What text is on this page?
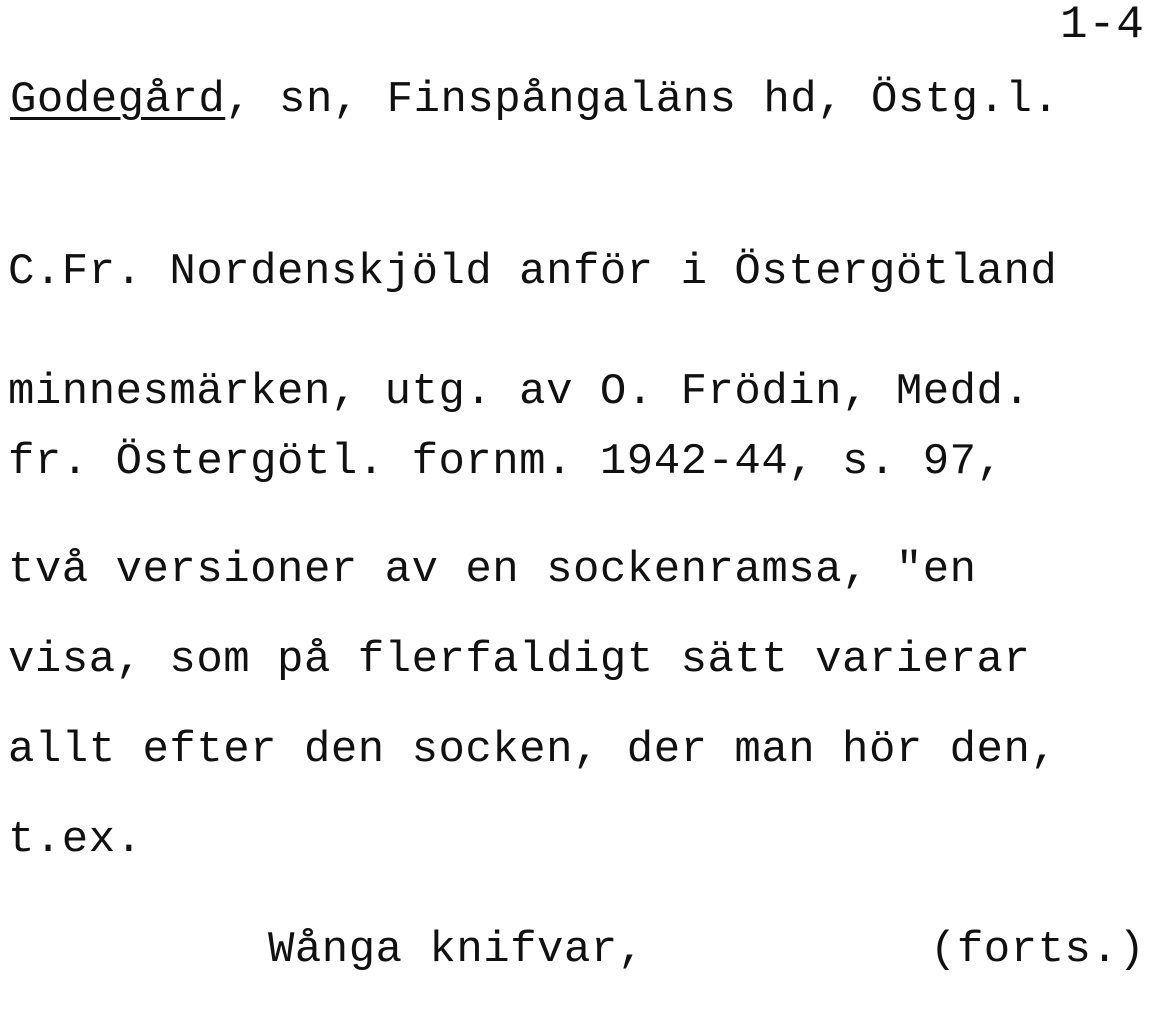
1-4
Godegård, sn, Finspångaläns hd, Östg.l.
C.Fr. Nordenskjöld anför i Östergötland
minnesmärken, utg. av O. Frödin, Medd.
fr. Östergötl. fornm. 1942-44, s. 97,
två versioner av en sockenramsa, "en
visa, som på flerfaldigt sätt varierar
allt efter den socken, der man hör den,
t.ex.
Wånga knifvar,	(forts.)
